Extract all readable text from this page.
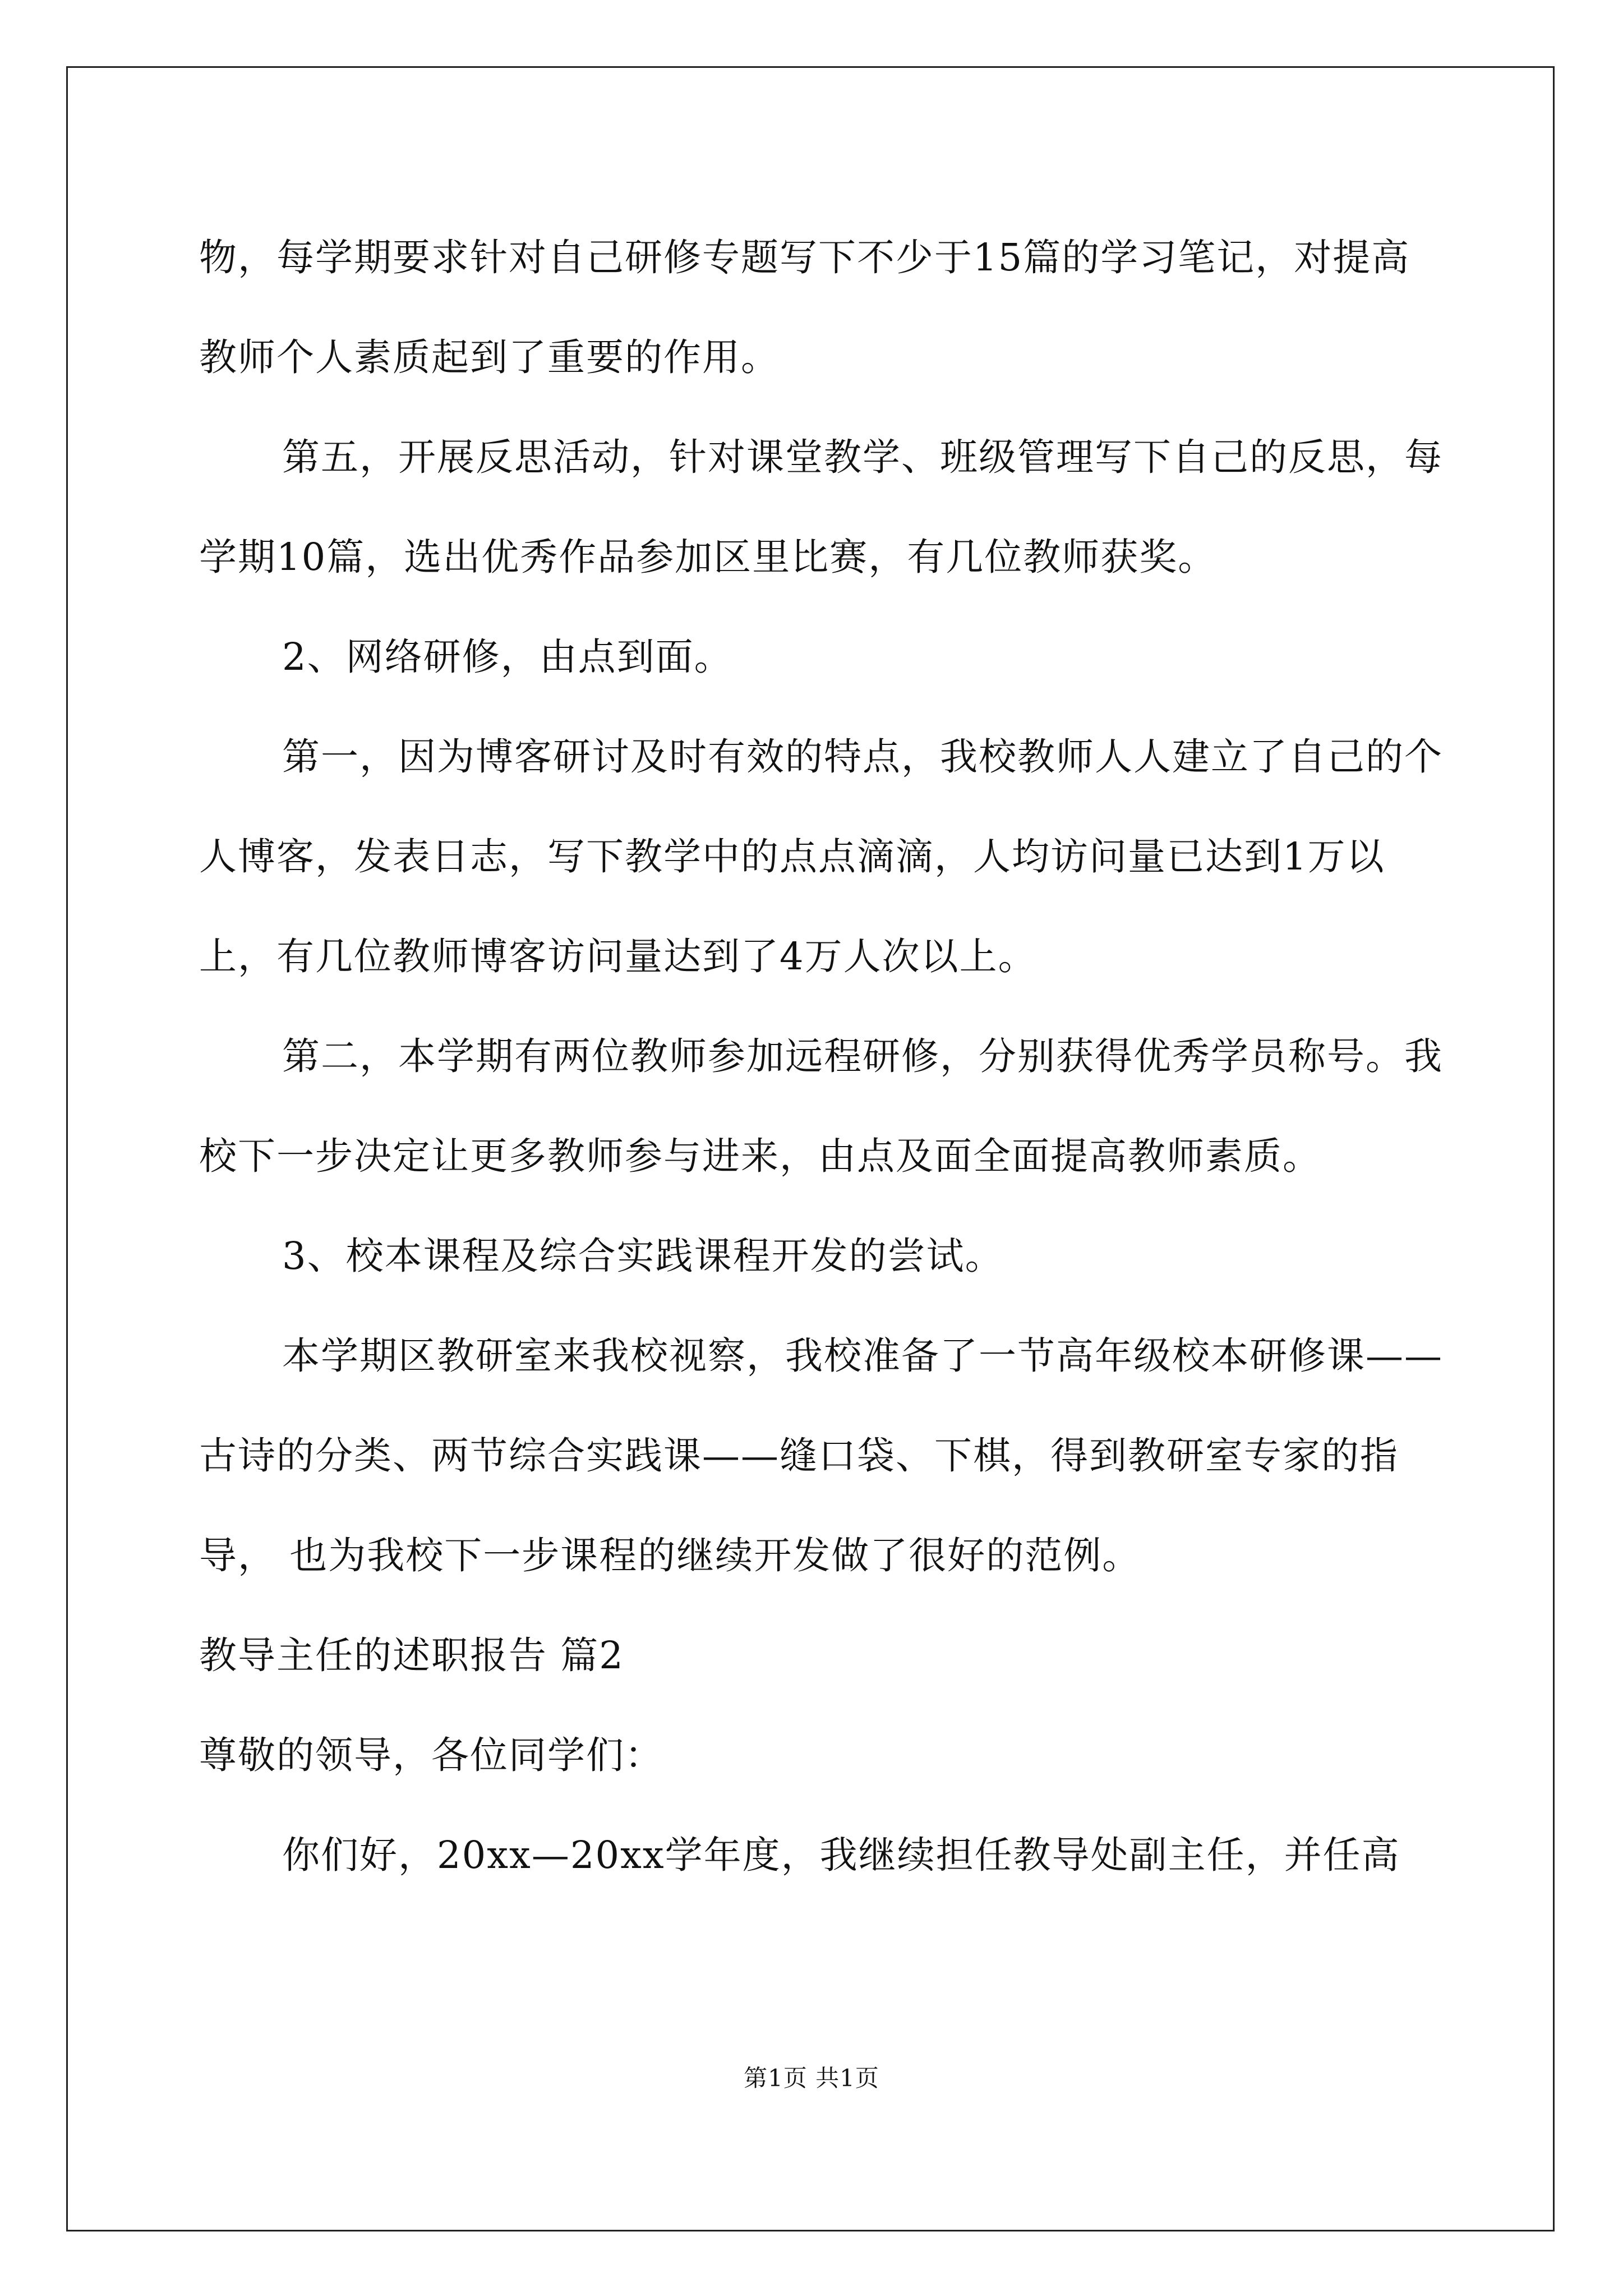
物，每学期要求针对自己研修专题写下不少于15篇的学习笔记，对提高教师个人素质起到了重要的作用。

第五，开展反思活动，针对课堂教学、班级管理写下自己的反思，每学期10篇，选出优秀作品参加区里比赛，有几位教师获奖。

2、网络研修，由点到面。

第一，因为博客研讨及时有效的特点，我校教师人人建立了自己的个人博客，发表日志，写下教学中的点点滴滴，人均访问量已达到1万以上，有几位教师博客访问量达到了4万人次以上。

第二，本学期有两位教师参加远程研修，分别获得优秀学员称号。我校下一步决定让更多教师参与进来，由点及面全面提高教师素质。

3、校本课程及综合实践课程开发的尝试。

本学期区教研室来我校视察，我校准备了一节高年级校本研修课——古诗的分类、两节综合实践课——缝口袋、下棋，得到教研室专家的指导， 也为我校下一步课程的继续开发做了很好的范例。

教导主任的述职报告 篇2

尊敬的领导，各位同学们：

你们好，20xx—20xx学年度，我继续担任教导处副主任，并任高

第1页 共1页
